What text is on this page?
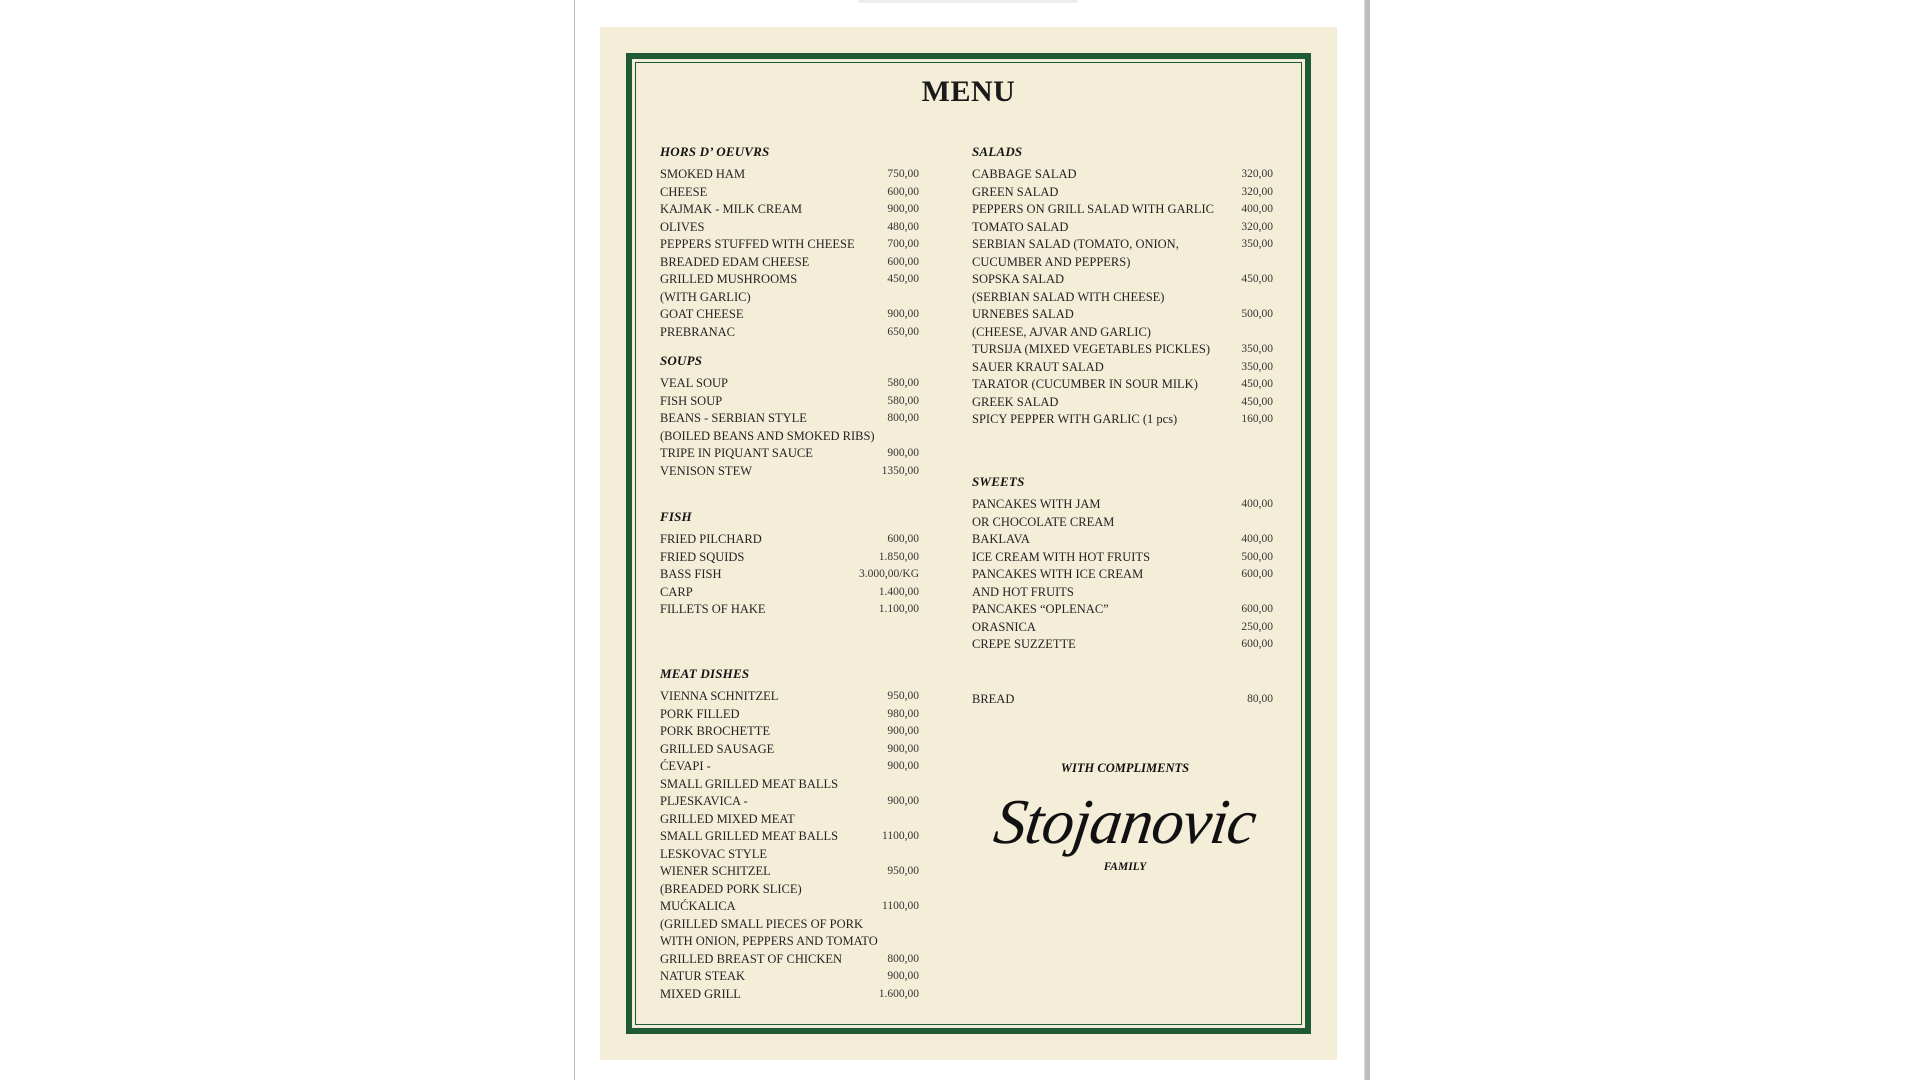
MENU
HORS D’ OEUVRS
SMOKED HAM	750,00
CHEESE	600,00
KAJMAK - MILK CREAM	900,00
OLIVES	480,00
PEPPERS STUFFED WITH CHEESE	700,00
BREADED EDAM CHEESE	600,00
GRILLED MUSHROOMS	450,00
(WITH GARLIC)
GOAT CHEESE	900,00
PREBRANAC	650,00
SOUPS
VEAL SOUP	580,00
FISH SOUP	580,00
BEANS - SERBIAN STYLE	800,00
(BOILED BEANS AND SMOKED RIBS)
TRIPE IN PIQUANT SAUCE	900,00
VENISON STEW	1350,00
FISH
FRIED PILCHARD	600,00
FRIED SQUIDS	1.850,00
BASS FISH	3.000,00/KG
CARP	1.400,00
FILLETS OF HAKE	1.100,00
MEAT DISHES
VIENNA SCHNITZEL	950,00
PORK FILLED	980,00
PORK BROCHETTE	900,00
GRILLED SAUSAGE	900,00
ĆEVAPI -	900,00
SMALL GRILLED MEAT BALLS
PLJESKAVICA -	900,00
GRILLED MIXED MEAT
SMALL GRILLED MEAT BALLS	1100,00
LESKOVAC STYLE
WIENER SCHITZEL	950,00
(BREADED PORK SLICE)
MUĆKALICA	1100,00
(GRILLED SMALL PIECES OF PORK
WITH ONION, PEPPERS AND TOMATO
GRILLED BREAST OF CHICKEN	800,00
NATUR STEAK	900,00
MIXED GRILL	1.600,00
SALADS
CABBAGE SALAD	320,00
GREEN SALAD	320,00
PEPPERS ON GRILL SALAD WITH GARLIC	400,00
TOMATO SALAD	320,00
SERBIAN SALAD (TOMATO, ONION,	350,00
CUCUMBER AND PEPPERS)
SOPSKA SALAD	450,00
(SERBIAN SALAD WITH CHEESE)
URNEBES SALAD	500,00
(CHEESE, AJVAR AND GARLIC)
TURSIJA (MIXED VEGETABLES PICKLES)	350,00
SAUER KRAUT SALAD	350,00
TARATOR (CUCUMBER IN SOUR MILK)	450,00
GREEK SALAD	450,00
SPICY PEPPER WITH GARLIC (1 pcs)	160,00
SWEETS
PANCAKES WITH JAM	400,00
OR CHOCOLATE CREAM
BAKLAVA	400,00
ICE CREAM WITH HOT FRUITS	500,00
PANCAKES WITH ICE CREAM	600,00
AND HOT FRUITS
PANCAKES “OPLENAC”	600,00
ORASNICA	250,00
CREPE SUZZETTE	600,00
BREAD	80,00
WITH COMPLIMENTS
Stojanovic
FAMILY
